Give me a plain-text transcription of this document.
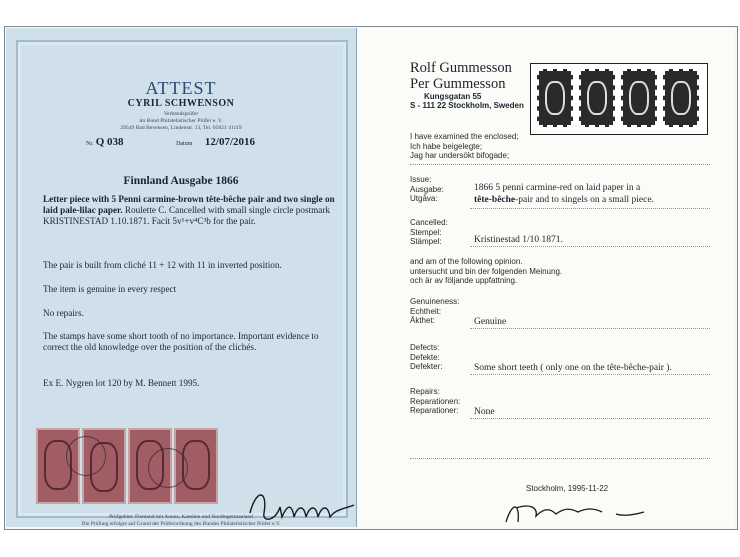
ATTEST
CYRIL SCHWENSON
Verbandsprüfer
im Bund Philatelistischer Prüfer e. V.
29549 Bad Bevensen, Lindenstr. 13, Tel. 05821 41119
Nr. Q 038	Datum 12/07/2016
Finnland Ausgabe 1866
Letter piece with 5 Penni carmine-brown tête-bêche pair and two single on laid pale-lilac paper. Roulette C. Cancelled with small single circle postmark KRISTINESTAD 1.10.1871. Facit 5v¹+v⁴C³b for the pair.
The pair is built from cliché 11 + 12 with 11 in inverted position.
The item is genuine in every respect
No repairs.
The stamps have some short tooth of no importance. Important evidence to correct the old knowledge over the position of the clichés.
Ex E. Nygren lot 120 by M. Bennett 1995.
Prüfgebiet: Finnland mit Aunus, Karelien und Nordingermanland
Die Prüfung erfolgte auf Grund der Prüferordnung des Bundes Philatelistischer Prüfer e.V.
Rolf Gummesson
Per Gummesson
Kungsgatan 55
S - 111 22 Stockholm, Sweden
I have examined the enclosed;
Ich habe beigelegte;
Jag har undersökt bifogade;
Issue:
Ausgabe:
Utgåva:
1866 5 penni carmine-red on laid paper in a
tête-bêche-pair and to singels on a small piece.
Cancelled:
Stempel:
Stämpel:	Kristinestad 1/10 1871.
and am of the following opinion.
untersucht und bin der folgenden Meinung.
och är av följande uppfattning.
Genuineness:
Echtheit:
Äkthet:	Genuine
Defects:
Defekte:
Defekter:	Some short teeth ( only one on the tête-bêche-pair ).
Repairs:
Reparationen:
Reparationer: None
Stockholm, 1995-11-22
